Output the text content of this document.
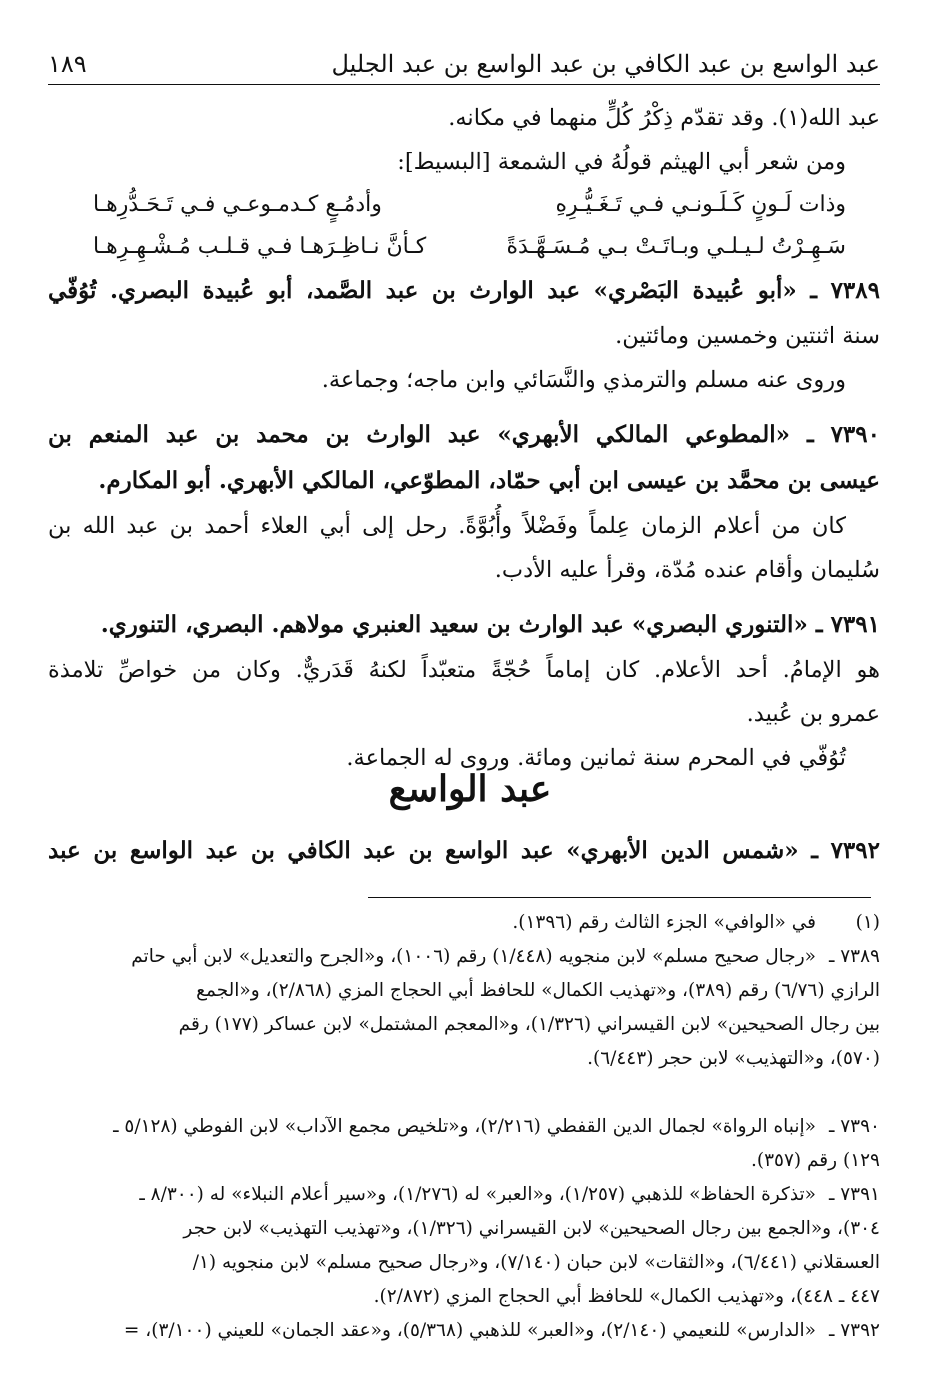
عبد الواسع بن عبد الكافي بن عبد الواسع بن عبد الجليل
١٨٩
عبد الله(١). وقد تقدّم ذِكْرُ كُلٍّ منهما في مكانه.
ومن شعر أبي الهيثم قولُهُ في الشمعة [البسيط]:
وذات لَـونٍ كَـلَـونـي فـي تَـغَـيُّـرِهِ
وأدمُـعٍ كـدمـوعـي فـي تَـحَـدُّرِهـا
سَـهِـرْتُ لـيـلـي وبـاتَـتْ بـي مُـسَـهَّـدَةً
كـأنَّ نـاظِـرَهـا فـي قـلـب مُـشْـهِـرِهـا
٧٣٨٩ ـ «أبو عُبيدة البَصْري» عبد الوارث بن عبد الصَّمد، أبو عُبيدة البصري. تُوُفّي
سنة اثنتين وخمسين ومائتين.
وروى عنه مسلم والترمذي والنَّسَائي وابن ماجه؛ وجماعة.
٧٣٩٠ ـ «المطوعي المالكي الأبهري» عبد الوارث بن محمد بن عبد المنعم بن
عيسى بن محمَّد بن عيسى ابن أبي حمّاد، المطوّعي، المالكي الأبهري. أبو المكارم.
كان من أعلام الزمان عِلماً وفَضْلاً وأُبُوَّةً. رحل إلى أبي العلاء أحمد بن عبد الله بن
سُليمان وأقام عنده مُدّة، وقرأ عليه الأدب.
٧٣٩١ ـ «التنوري البصري» عبد الوارث بن سعيد العنبري مولاهم. البصري، التنوري.
هو الإمامُ. أحد الأعلام. كان إماماً حُجّةً متعبّداً لكنهُ قَدَريٌّ. وكان من خواصِّ تلامذة
عمرو بن عُبيد.
تُوُفّي في المحرم سنة ثمانين ومائة. وروى له الجماعة.
عبد الواسع
٧٣٩٢ ـ «شمس الدين الأبهري» عبد الواسع بن عبد الكافي بن عبد الواسع بن عبد
(١)
في «الوافي» الجزء الثالث رقم (١٣٩٦).
٧٣٨٩ ـ
«رجال صحيح مسلم» لابن منجويه (١/٤٤٨) رقم (١٠٠٦)، و«الجرح والتعديل» لابن أبي حاتم
الرازي (٦/٧٦) رقم (٣٨٩)، و«تهذيب الكمال» للحافظ أبي الحجاج المزي (٢/٨٦٨)، و«الجمع
بين رجال الصحيحين» لابن القيسراني (١/٣٢٦)، و«المعجم المشتمل» لابن عساكر (١٧٧) رقم
(٥٧٠)، و«التهذيب» لابن حجر (٦/٤٤٣).
٧٣٩٠ ـ
«إنباه الرواة» لجمال الدين القفطي (٢/٢١٦)، و«تلخيص مجمع الآداب» لابن الفوطي (٥/١٢٨ ـ
١٢٩) رقم (٣٥٧).
٧٣٩١ ـ
«تذكرة الحفاظ» للذهبي (١/٢٥٧)، و«العبر» له (١/٢٧٦)، و«سير أعلام النبلاء» له (٨/٣٠٠ ـ
٣٠٤)، و«الجمع بين رجال الصحيحين» لابن القيسراني (١/٣٢٦)، و«تهذيب التهذيب» لابن حجر
العسقلاني (٦/٤٤١)، و«الثقات» لابن حبان (٧/١٤٠)، و«رجال صحيح مسلم» لابن منجويه (١/
٤٤٧ ـ ٤٤٨)، و«تهذيب الكمال» للحافظ أبي الحجاج المزي (٢/٨٧٢).
٧٣٩٢ ـ
«الدارس» للنعيمي (٢/١٤٠)، و«العبر» للذهبي (٥/٣٦٨)، و«عقد الجمان» للعيني (٣/١٠٠)، =
